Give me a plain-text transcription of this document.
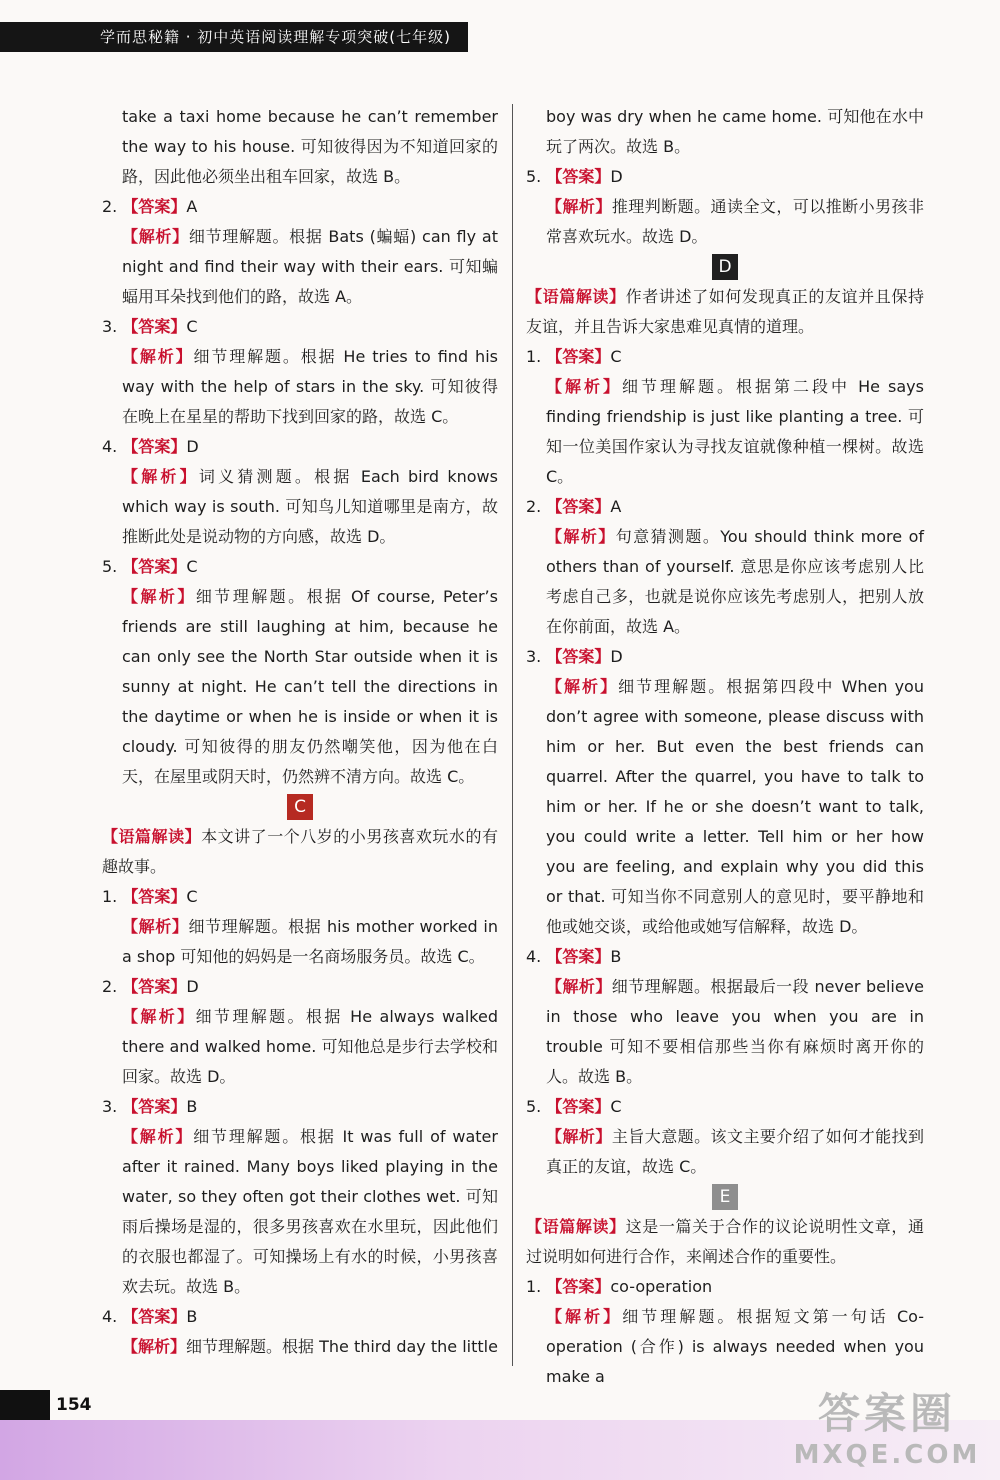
学而思秘籍 · 初中英语阅读理解专项突破(七年级)

take a taxi home because he can’t remember the way to his house. 可知彼得因为不知道回家的路，因此他必须坐出租车回家，故选 B。

2. 【答案】A

【解析】细节理解题。根据 Bats (蝙蝠) can fly at night and find their way with their ears. 可知蝙蝠用耳朵找到他们的路，故选 A。

3. 【答案】C

【解析】细节理解题。根据 He tries to find his way with the help of stars in the sky. 可知彼得在晚上在星星的帮助下找到回家的路，故选 C。

4. 【答案】D

【解析】词义猜测题。根据 Each bird knows which way is south. 可知鸟儿知道哪里是南方，故推断此处是说动物的方向感，故选 D。

5. 【答案】C

【解析】细节理解题。根据 Of course, Peter’s friends are still laughing at him, because he can only see the North Star outside when it is sunny at night. He can’t tell the directions in the daytime or when he is inside or when it is cloudy. 可知彼得的朋友仍然嘲笑他，因为他在白天，在屋里或阴天时，仍然辨不清方向。故选 C。

C

【语篇解读】本文讲了一个八岁的小男孩喜欢玩水的有趣故事。

1. 【答案】C

【解析】细节理解题。根据 his mother worked in a shop 可知他的妈妈是一名商场服务员。故选 C。

2. 【答案】D

【解析】细节理解题。根据 He always walked there and walked home. 可知他总是步行去学校和回家。故选 D。

3. 【答案】B

【解析】细节理解题。根据 It was full of water after it rained. Many boys liked playing in the water, so they often got their clothes wet. 可知雨后操场是湿的，很多男孩喜欢在水里玩，因此他们的衣服也都湿了。可知操场上有水的时候，小男孩喜欢去玩。故选 B。

4. 【答案】B

【解析】细节理解题。根据 The third day the little

boy was dry when he came home. 可知他在水中玩了两次。故选 B。

5. 【答案】D

【解析】推理判断题。通读全文，可以推断小男孩非常喜欢玩水。故选 D。

D

【语篇解读】作者讲述了如何发现真正的友谊并且保持友谊，并且告诉大家患难见真情的道理。

1. 【答案】C

【解析】细节理解题。根据第二段中 He says finding friendship is just like planting a tree. 可知一位美国作家认为寻找友谊就像种植一棵树。故选 C。

2. 【答案】A

【解析】句意猜测题。You should think more of others than of yourself. 意思是你应该考虑别人比考虑自己多，也就是说你应该先考虑别人，把别人放在你前面，故选 A。

3. 【答案】D

【解析】细节理解题。根据第四段中 When you don’t agree with someone, please discuss with him or her. But even the best friends can quarrel. After the quarrel, you have to talk to him or her. If he or she doesn’t want to talk, you could write a letter. Tell him or her how you are feeling, and explain why you did this or that. 可知当你不同意别人的意见时，要平静地和他或她交谈，或给他或她写信解释，故选 D。

4. 【答案】B

【解析】细节理解题。根据最后一段 never believe in those who leave you when you are in trouble 可知不要相信那些当你有麻烦时离开你的人。故选 B。

5. 【答案】C

【解析】主旨大意题。该文主要介绍了如何才能找到真正的友谊，故选 C。

E

【语篇解读】这是一篇关于合作的议论说明性文章，通过说明如何进行合作，来阐述合作的重要性。

1. 【答案】co-operation

【解析】细节理解题。根据短文第一句话 Co-operation (合作) is always needed when you make a

154	答案圈
MXQE.COM
